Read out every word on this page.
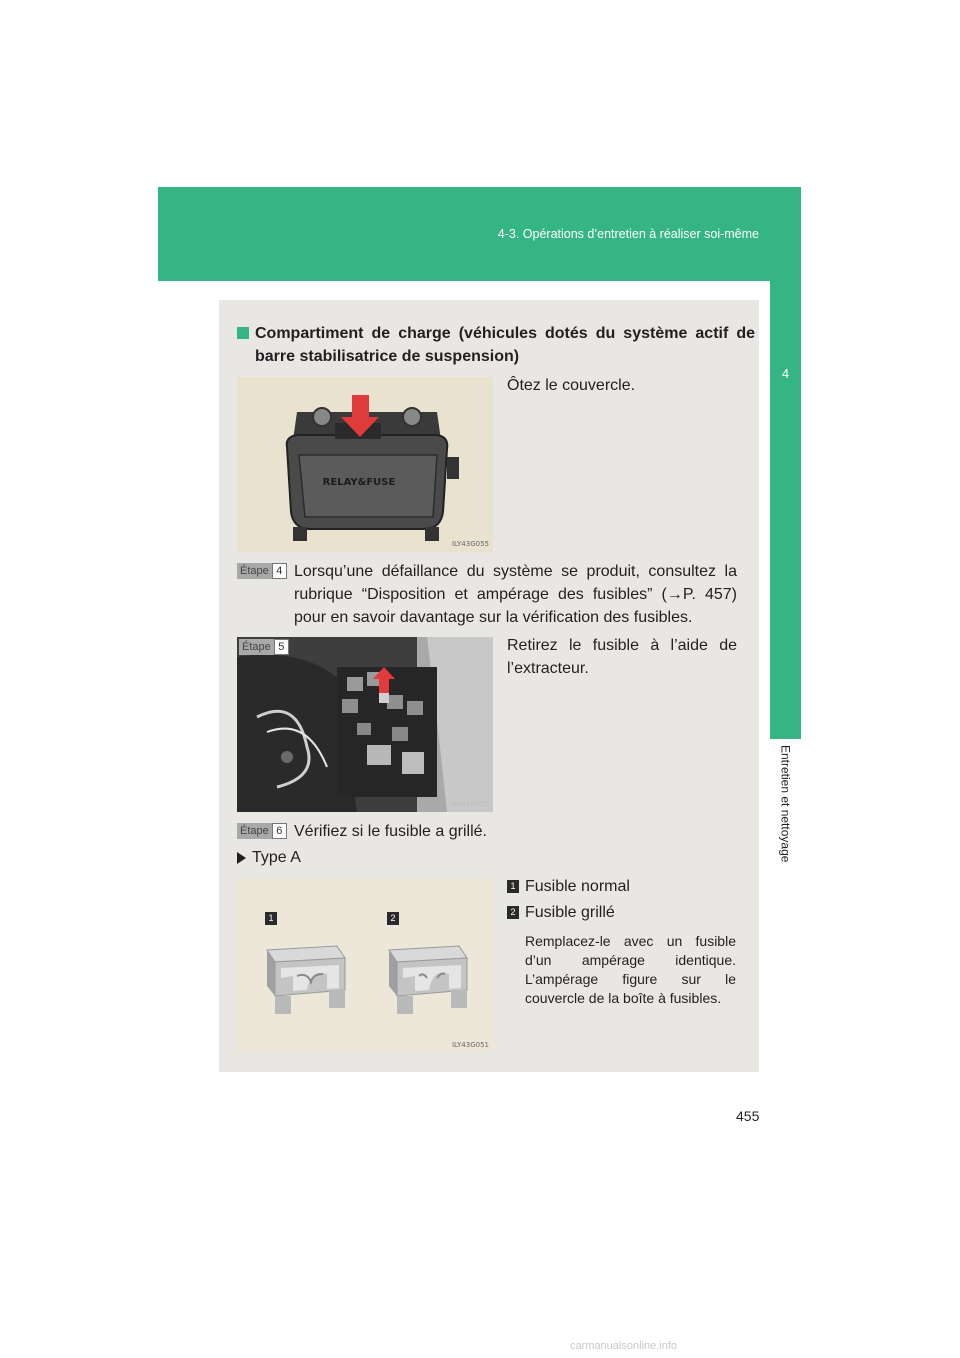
4-3. Opérations d’entretien à réaliser soi-même
4
Entretien et nettoyage
Compartiment de charge (véhicules dotés du système actif de barre stabilisatrice de suspension)
RELAY&FUSE
ILY43G055
Ôtez le couvercle.
Étape 4 Lorsqu’une défaillance du système se produit, consultez la rubrique “Disposition et ampérage des fusibles” (→P. 457) pour en savoir davantage sur la vérification des fusibles.
ILY43G050
Étape 5	Retirez le fusible à l’aide de l’extracteur.
Étape 6 Vérifiez si le fusible a grillé.
Type A
1	2
ILY43G051
1 Fusible normal
2 Fusible grillé
Remplacez-le avec un fusible d’un ampérage identique. L’ampérage figure sur le couvercle de la boîte à fusibles.
455
carmanualsonline.info
